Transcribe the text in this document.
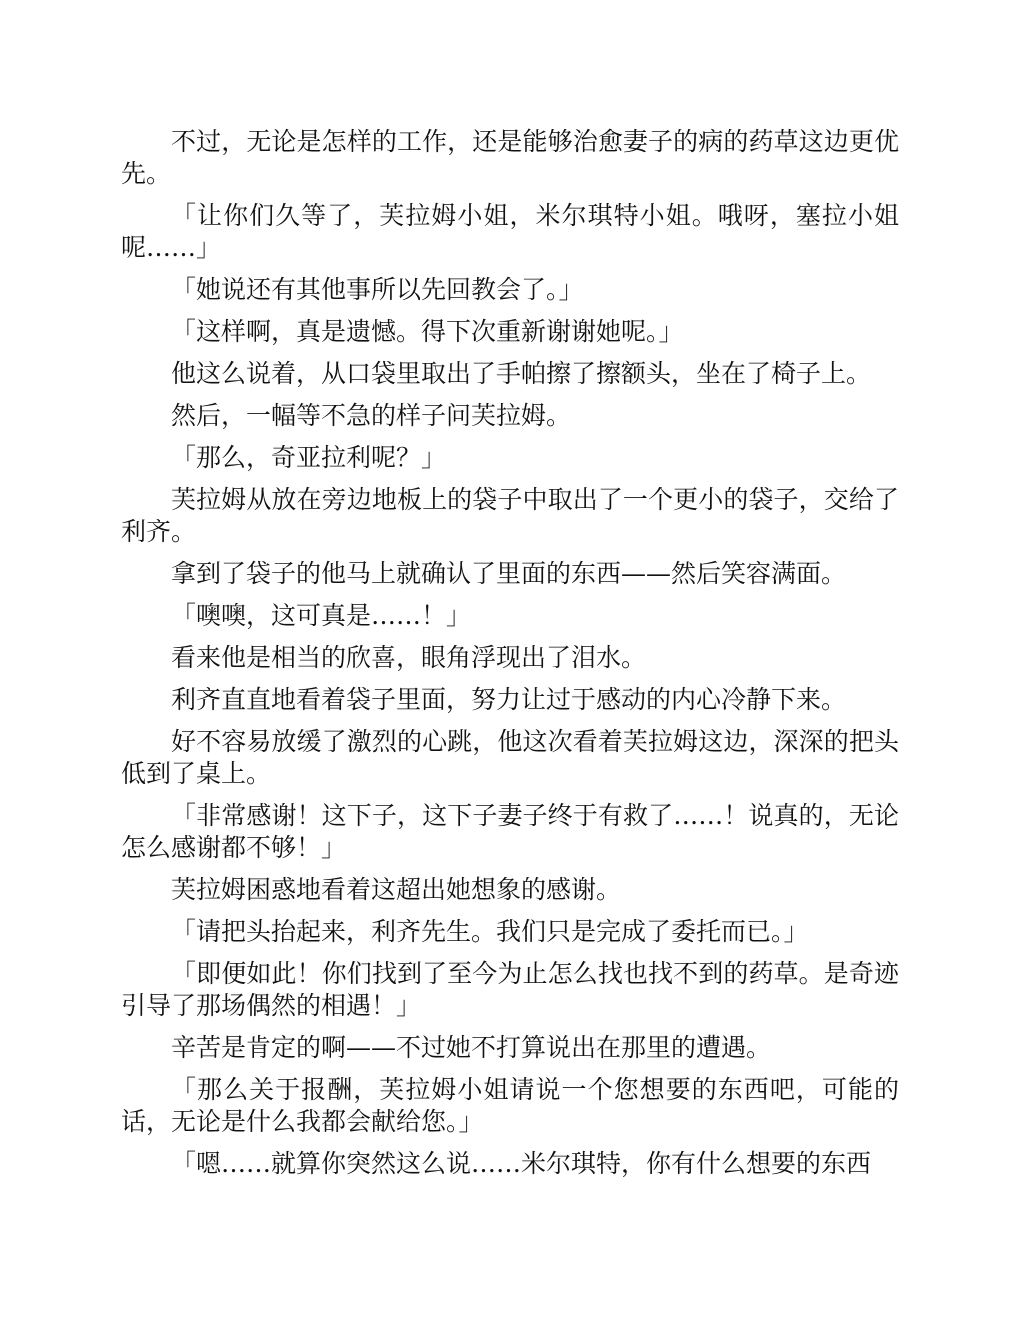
不过，无论是怎样的工作，还是能够治愈妻子的病的药草这边更优先。

「让你们久等了，芙拉姆小姐，米尔琪特小姐。哦呀，塞拉小姐呢……」

「她说还有其他事所以先回教会了。」

「这样啊，真是遗憾。得下次重新谢谢她呢。」

他这么说着，从口袋里取出了手帕擦了擦额头，坐在了椅子上。

然后，一幅等不急的样子问芙拉姆。

「那么，奇亚拉利呢？」

芙拉姆从放在旁边地板上的袋子中取出了一个更小的袋子，交给了利齐。

拿到了袋子的他马上就确认了里面的东西——然后笑容满面。

「噢噢，这可真是……！」

看来他是相当的欣喜，眼角浮现出了泪水。

利齐直直地看着袋子里面，努力让过于感动的内心冷静下来。

好不容易放缓了激烈的心跳，他这次看着芙拉姆这边，深深的把头低到了桌上。

「非常感谢！这下子，这下子妻子终于有救了……！说真的，无论怎么感谢都不够！」

芙拉姆困惑地看着这超出她想象的感谢。

「请把头抬起来，利齐先生。我们只是完成了委托而已。」

「即便如此！你们找到了至今为止怎么找也找不到的药草。是奇迹引导了那场偶然的相遇！」

辛苦是肯定的啊——不过她不打算说出在那里的遭遇。

「那么关于报酬，芙拉姆小姐请说一个您想要的东西吧，可能的话，无论是什么我都会献给您。」

「嗯……就算你突然这么说……米尔琪特，你有什么想要的东西
